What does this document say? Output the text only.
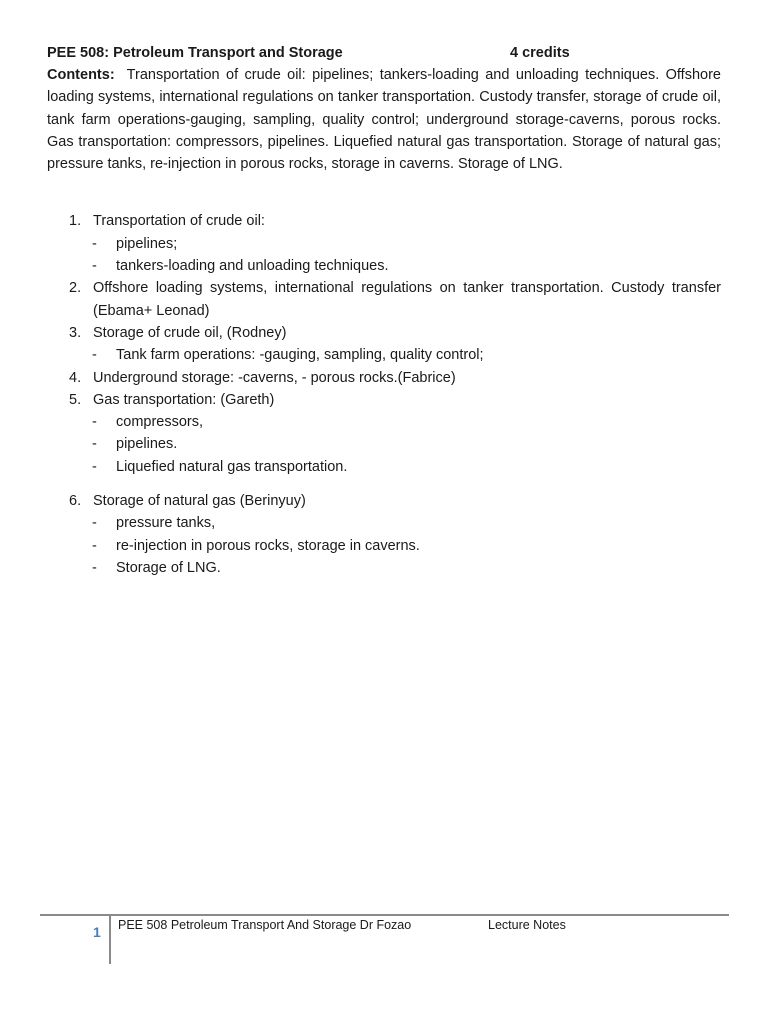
PEE 508: Petroleum Transport and Storage	4 credits

Contents: Transportation of crude oil: pipelines; tankers-loading and unloading techniques. Offshore loading systems, international regulations on tanker transportation. Custody transfer, storage of crude oil, tank farm operations-gauging, sampling, quality control; underground storage-caverns, porous rocks. Gas transportation: compressors, pipelines. Liquefied natural gas transportation. Storage of natural gas; pressure tanks, re-injection in porous rocks, storage in caverns. Storage of LNG.

1. Transportation of crude oil:
- pipelines;
- tankers-loading and unloading techniques.
2. Offshore loading systems, international regulations on tanker transportation. Custody transfer (Ebama+ Leonad)
3. Storage of crude oil, (Rodney)
- Tank farm operations: -gauging, sampling, quality control;
4. Underground storage: -caverns, - porous rocks.(Fabrice)
5. Gas transportation: (Gareth)
- compressors,
- pipelines.
- Liquefied natural gas transportation.
6. Storage of natural gas (Berinyuy)
- pressure tanks,
- re-injection in porous rocks, storage in caverns.
- Storage of LNG.
1 PEE 508 Petroleum Transport And Storage Dr Fozao	Lecture Notes
